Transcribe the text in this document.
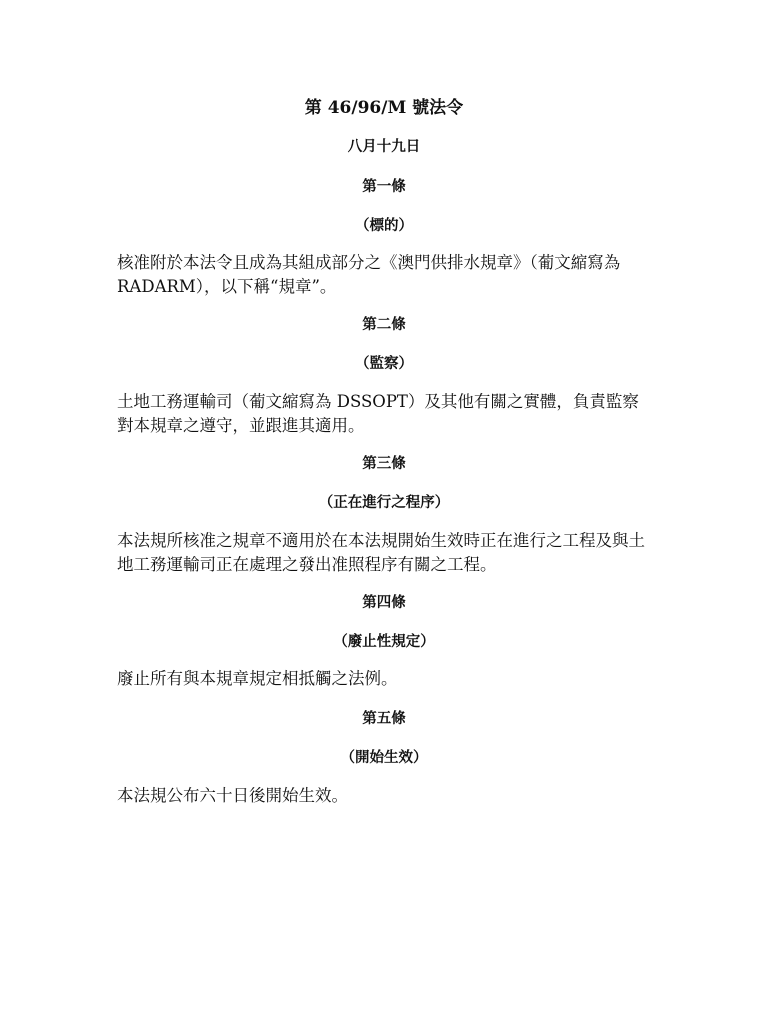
第 46/96/M 號法令
八月十九日
第一條
（標的）
核准附於本法令且成為其組成部分之《澳門供排水規章》（葡文縮寫為 RADARM），以下稱“規章”。
第二條
（監察）
土地工務運輸司（葡文縮寫為 DSSOPT）及其他有關之實體，負責監察對本規章之遵守，並跟進其適用。
第三條
（正在進行之程序）
本法規所核准之規章不適用於在本法規開始生效時正在進行之工程及與土地工務運輸司正在處理之發出准照程序有關之工程。
第四條
（廢止性規定）
廢止所有與本規章規定相抵觸之法例。
第五條
（開始生效）
本法規公布六十日後開始生效。
